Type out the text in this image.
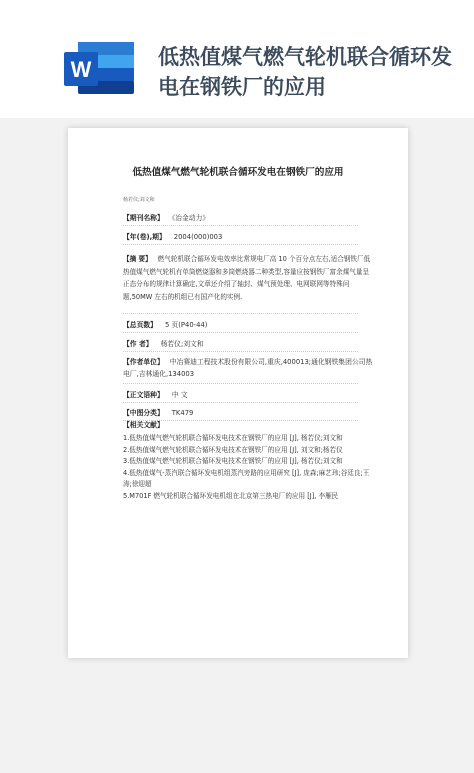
W	低热值煤气燃气轮机联合循环发电在钢铁厂的应用
低热值煤气燃气轮机联合循环发电在钢铁厂的应用
杨若仪;刘文和
【期刊名称】 《冶金动力》
【年(卷),期】 2004(000)003
【摘 要】 燃气轮机联合循环发电效率比常规电厂高 10 个百分点左右,适合钢铁厂低热值煤气燃气轮机有单筒燃烧器和多筒燃烧器二种类型,容量应按钢铁厂富余煤气量呈正态分布的规律计算确定,文章还介绍了轴封、煤气预处理、电网联网等特殊问题,50MW 左右的机组已有国产化的实例.
【总页数】 5 页(P40-44)
【作 者】 杨若仪;刘文和
【作者单位】 中冶赛迪工程技术股份有限公司,重庆,400013;通化钢铁集团公司热电厂,吉林通化,134003
【正文语种】 中 文
【中图分类】 TK479
【相关文献】
1.低热值煤气燃气轮机联合循环发电技术在钢铁厂的应用 [J], 杨若仪;刘文和
2.低热值煤气燃气轮机联合循环发电技术在钢铁厂的应用 [J], 刘文和;杨若仪
3.低热值煤气燃气轮机联合循环发电技术在钢铁厂的应用 [J], 杨若仪;刘文和
4.低热值煤气-蒸汽联合循环发电机组蒸汽旁路的应用研究 [J], 庞森;麻艺玮;谷廷良;王涛;徐迎超
5.M701F 燃气轮机联合循环发电机组在北京第三热电厂的应用 [J], 李雁民
